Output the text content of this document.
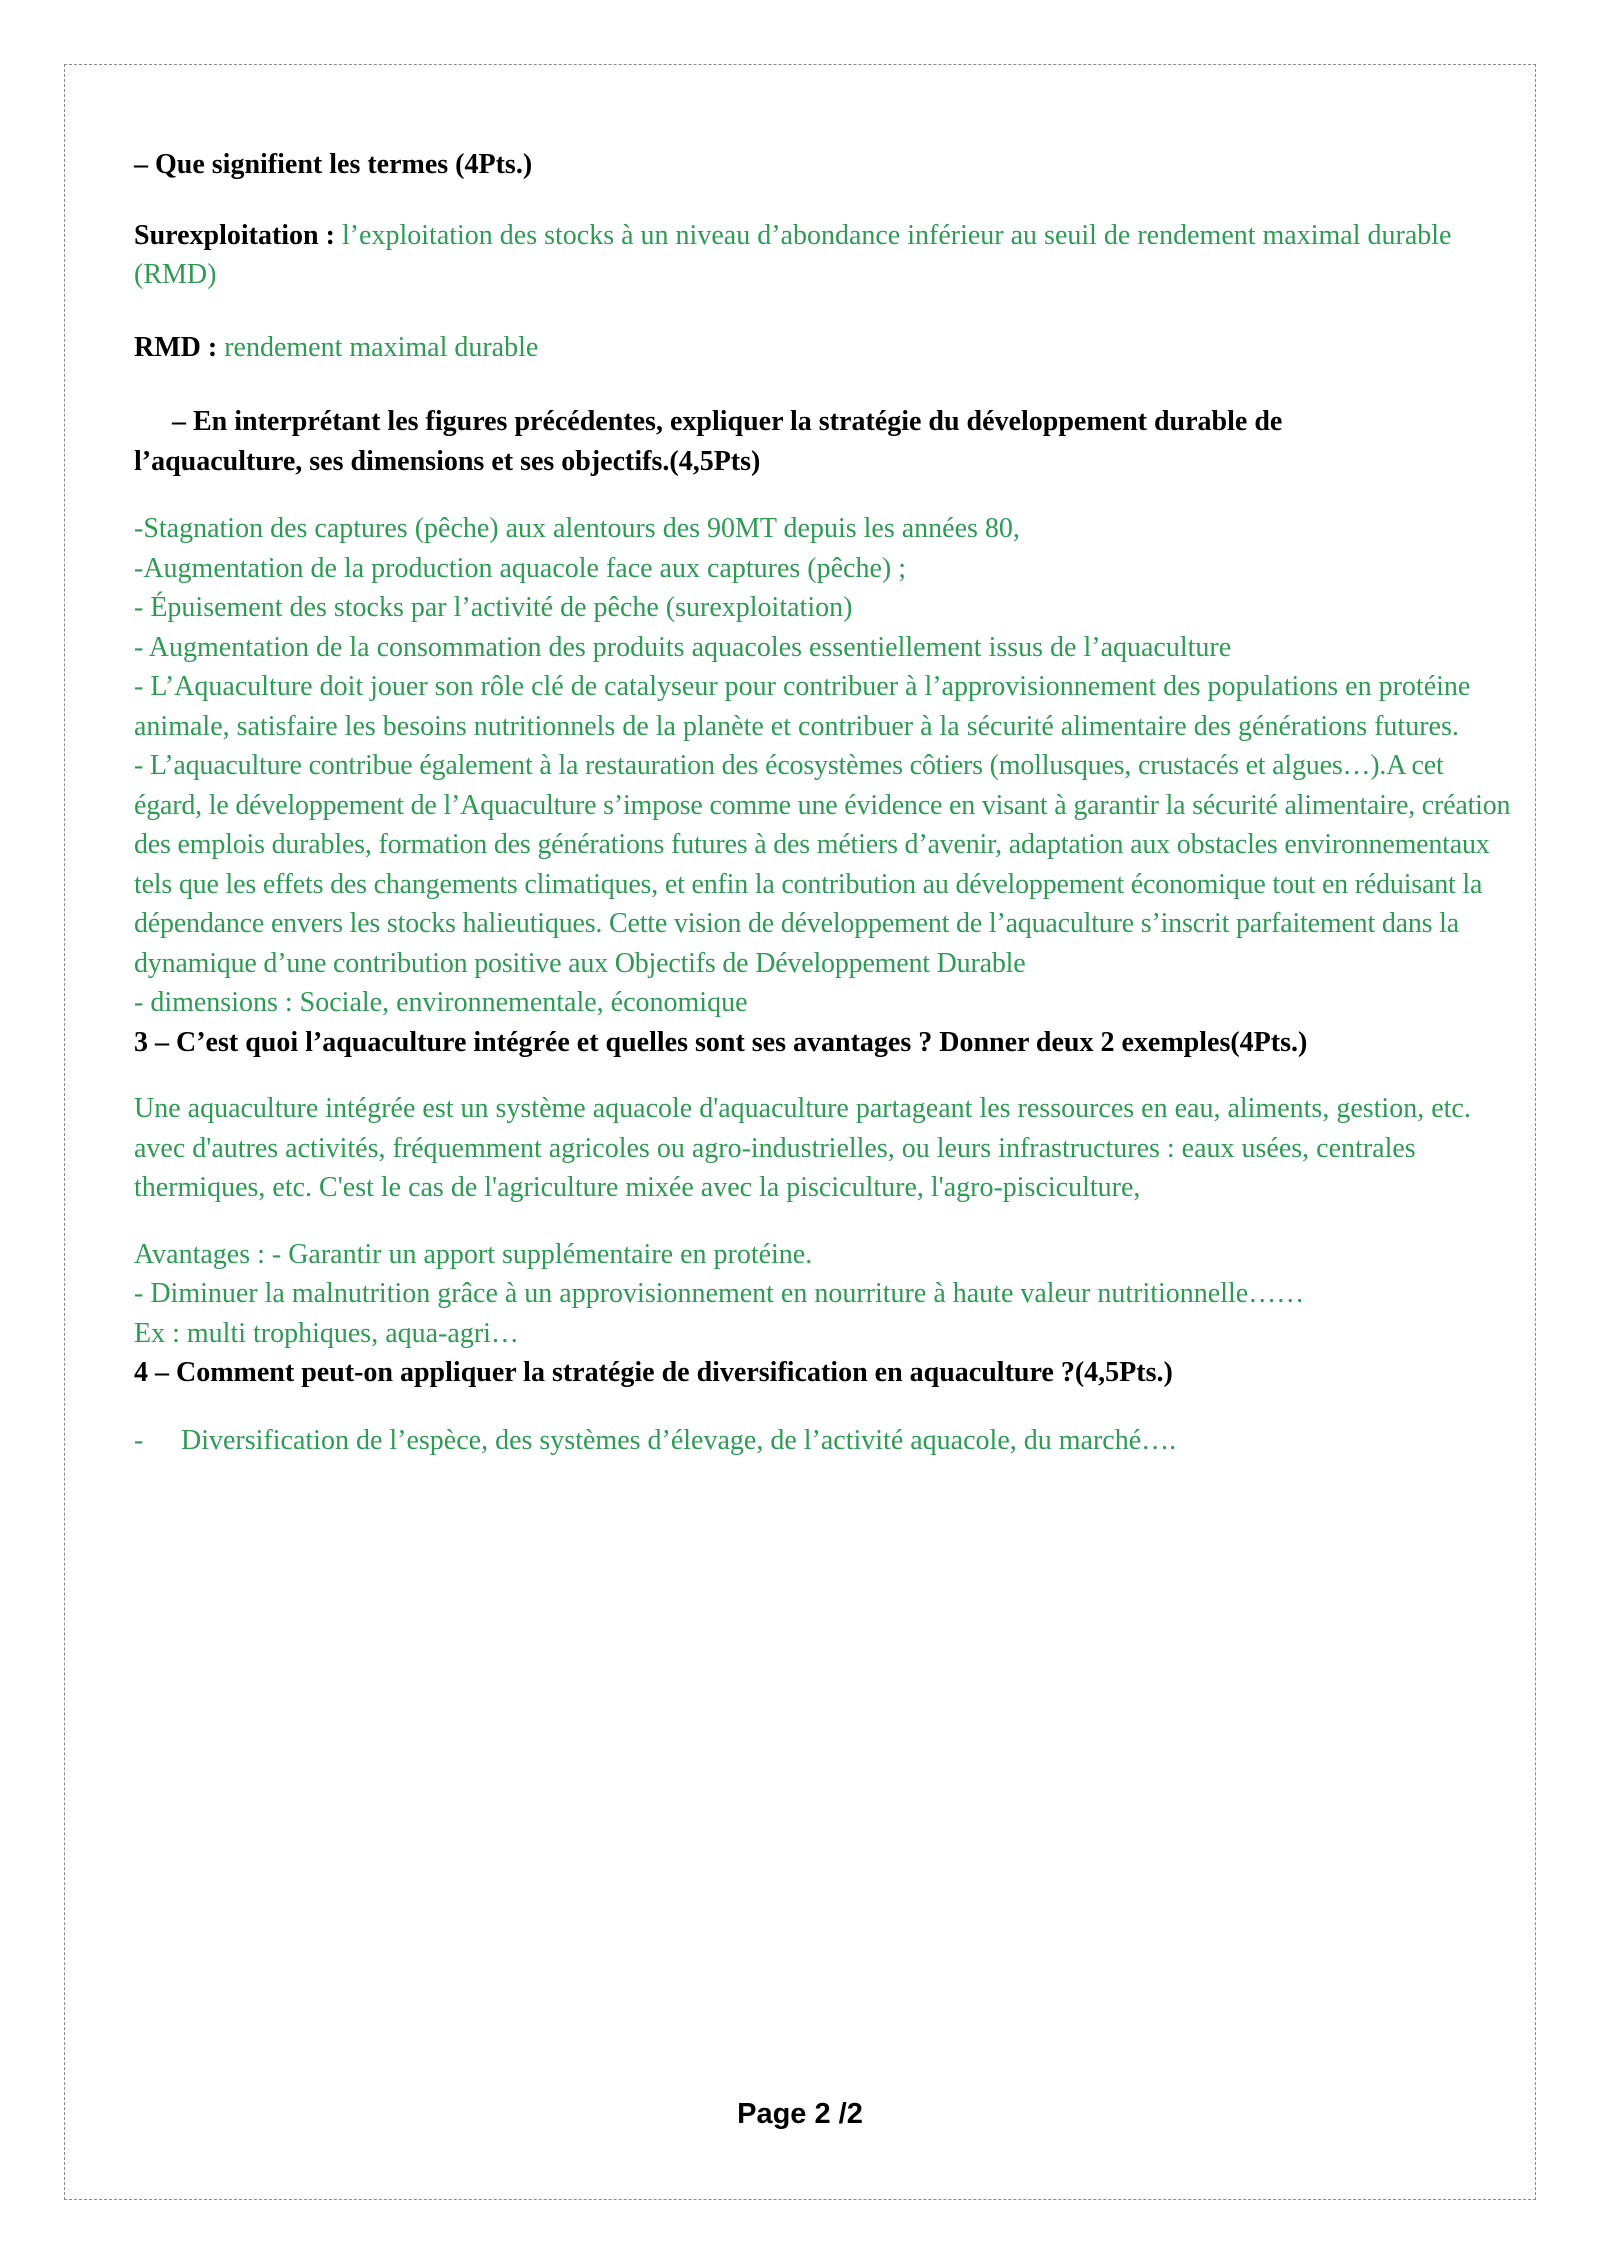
– Que signifient les termes (4Pts.)

Surexploitation : l’exploitation des stocks à un niveau d’abondance inférieur au seuil de rendement maximal durable (RMD)

RMD : rendement maximal durable

– En interprétant les figures précédentes, expliquer la stratégie du développement durable de

l’aquaculture, ses dimensions et ses objectifs.(4,5Pts)

-Stagnation des captures (pêche) aux alentours des 90MT depuis les années 80,
-Augmentation de la production aquacole face aux captures (pêche) ;
- Épuisement des stocks par l’activité de pêche (surexploitation)
- Augmentation de la consommation des produits aquacoles essentiellement issus de l’aquaculture
- L’Aquaculture doit jouer son rôle clé de catalyseur pour contribuer à l’approvisionnement des populations en protéine animale, satisfaire les besoins nutritionnels de la planète et contribuer à la sécurité alimentaire des générations futures.
- L’aquaculture contribue également à la restauration des écosystèmes côtiers (mollusques, crustacés et algues…).A cet égard, le développement de l’Aquaculture s’impose comme une évidence en visant à garantir la sécurité alimentaire, création des emplois durables, formation des générations futures à des métiers d’avenir, adaptation aux obstacles environnementaux tels que les effets des changements climatiques, et enfin la contribution au développement économique tout en réduisant la dépendance envers les stocks halieutiques. Cette vision de développement de l’aquaculture s’inscrit parfaitement dans la dynamique d’une contribution positive aux Objectifs de Développement Durable
- dimensions : Sociale, environnementale, économique

3 – C’est quoi l’aquaculture intégrée et quelles sont ses avantages ? Donner deux 2 exemples(4Pts.)

Une aquaculture intégrée est un système aquacole d'aquaculture partageant les ressources en eau, aliments, gestion, etc. avec d'autres activités, fréquemment agricoles ou agro-industrielles, ou leurs infrastructures : eaux usées, centrales thermiques, etc. C'est le cas de l'agriculture mixée avec la pisciculture, l'agro-pisciculture,

Avantages : - Garantir un apport supplémentaire en protéine.
- Diminuer la malnutrition grâce à un approvisionnement en nourriture à haute valeur nutritionnelle……
Ex : multi trophiques, aqua-agri…

4 – Comment peut-on appliquer la stratégie de diversification en aquaculture ?(4,5Pts.)

-	Diversification de l’espèce, des systèmes d’élevage, de l’activité aquacole, du marché….
Page 2 /2
